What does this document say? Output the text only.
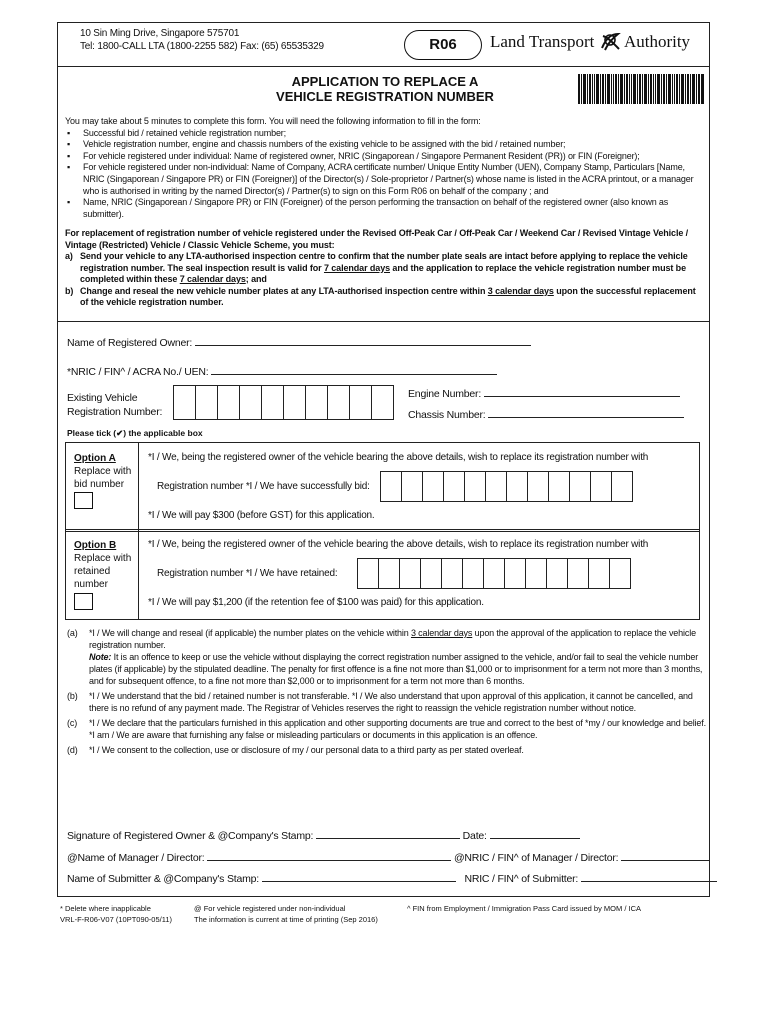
10 Sin Ming Drive, Singapore 575701
Tel: 1800-CALL LTA (1800-2255 582) Fax: (65) 65535329	R06	Land Transport Authority
APPLICATION TO REPLACE A
VEHICLE REGISTRATION NUMBER

You may take about 5 minutes to complete this form. You will need the following information to fill in the form:

▪ Successful bid / retained vehicle registration number;
▪ Vehicle registration number, engine and chassis numbers of the existing vehicle to be assigned with the bid / retained number;
▪ For vehicle registered under individual: Name of registered owner, NRIC (Singaporean / Singapore Permanent Resident (PR)) or FIN (Foreigner);
▪ For vehicle registered under non-individual: Name of Company, ACRA certificate number/ Unique Entity Number (UEN), Company Stamp, Particulars [Name, NRIC (Singaporean / Singapore PR) or FIN (Foreigner)] of the Director(s) / Sole-proprietor / Partner(s) whose name is listed in the ACRA printout, or a manager who is authorised in writing by the named Director(s) / Partner(s) to sign on this Form R06 on behalf of the company ; and
▪ Name, NRIC (Singaporean / Singapore PR) or FIN (Foreigner) of the person performing the transaction on behalf of the registered owner (also known as submitter).

For replacement of registration number of vehicle registered under the Revised Off-Peak Car / Off-Peak Car / Weekend Car / Revised Vintage Vehicle / Vintage (Restricted) Vehicle / Classic Vehicle Scheme, you must:

a) Send your vehicle to any LTA-authorised inspection centre to confirm that the number plate seals are intact before applying to replace the vehicle registration number. The seal inspection result is valid for 7 calendar days and the application to replace the vehicle registration number must be completed within these 7 calendar days; and

b) Change and reseal the new vehicle number plates at any LTA-authorised inspection centre within 3 calendar days upon the successful replacement of the vehicle registration number.

Name of Registered Owner:
*NRIC / FIN^ / ACRA No./ UEN:
Existing Vehicle
Registration Number:
Engine Number:
Chassis Number:
Please tick (✔) the applicable box
Option A
Replace with
bid number
*I / We, being the registered owner of the vehicle bearing the above details, wish to replace its registration number with
Registration number *I / We have successfully bid:
*I / We will pay $300 (before GST) for this application.
Option B
Replace with
retained
number
*I / We, being the registered owner of the vehicle bearing the above details, wish to replace its registration number with
Registration number *I / We have retained:
*I / We will pay $1,200 (if the retention fee of $100 was paid) for this application.
(a) *I / We will change and reseal (if applicable) the number plates on the vehicle within 3 calendar days upon the approval of the application to replace the vehicle registration number.
Note: It is an offence to keep or use the vehicle without displaying the correct registration number assigned to the vehicle, and/or fail to seal the vehicle number plates (if applicable) by the stipulated deadline. The penalty for first offence is a fine not more than $1,000 or to imprisonment for a term not more than 3 months, and for subsequent offence, to a fine not more than $2,000 or to imprisonment for a term not more than 6 months.
(b) *I / We understand that the bid / retained number is not transferable. *I / We also understand that upon approval of this application, it cannot be cancelled, and there is no refund of any payment made. The Registrar of Vehicles reserves the right to reassign the vehicle registration number without notice.
(c) *I / We declare that the particulars furnished in this application and other supporting documents are true and correct to the best of *my / our knowledge and belief. *I am / We are aware that furnishing any false or misleading particulars or documents in this application is an offence.
(d) *I / We consent to the collection, use or disclosure of my / our personal data to a third party as per stated overleaf.
Signature of Registered Owner & @Company's Stamp:	Date:
@Name of Manager / Director:	@NRIC / FIN^ of Manager / Director:
Name of Submitter & @Company's Stamp:	NRIC / FIN^ of Submitter:
* Delete where inapplicable
VRL-F-R06-V07 (10PT090-05/11)
@ For vehicle registered under non-individual
The information is current at time of printing (Sep 2016)
^ FIN from Employment / Immigration Pass Card issued by MOM / ICA
